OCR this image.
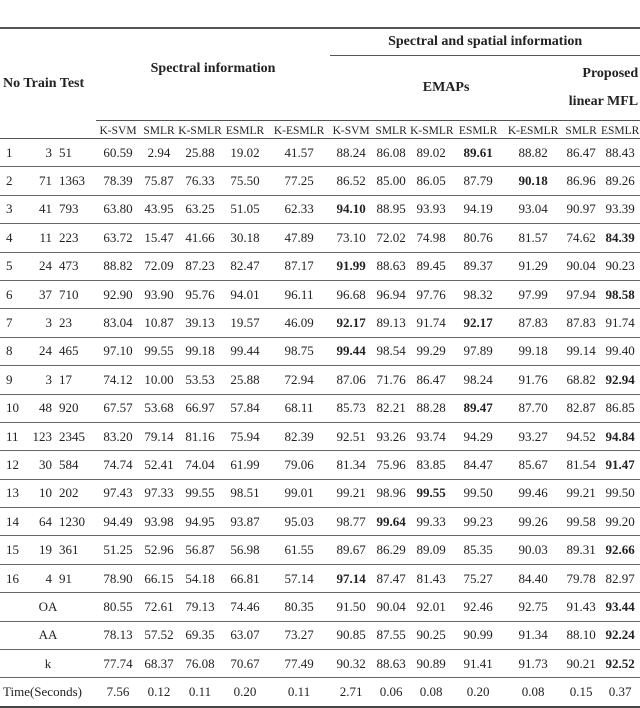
No Train Test			Spectral information					Spectral and spatial information						
								EMAPs					Proposed linear MFL	
			K-SVM	SMLR	K-SMLR	ESMLR	K-ESMLR	K-SVM	SMLR	K-SMLR	ESMLR	K-ESMLR	SMLR	ESMLR
1	3	51	60.59	2.94	25.88	19.02	41.57	88.24	86.08	89.02	89.61	88.82	86.47	88.43
2	71	1363	78.39	75.87	76.33	75.50	77.25	86.52	85.00	86.05	87.79	90.18	86.96	89.26
3	41	793	63.80	43.95	63.25	51.05	62.33	94.10	88.95	93.93	94.19	93.04	90.97	93.39
4	11	223	63.72	15.47	41.66	30.18	47.89	73.10	72.02	74.98	80.76	81.57	74.62	84.39
5	24	473	88.82	72.09	87.23	82.47	87.17	91.99	88.63	89.45	89.37	91.29	90.04	90.23
6	37	710	92.90	93.90	95.76	94.01	96.11	96.68	96.94	97.76	98.32	97.99	97.94	98.58
7	3	23	83.04	10.87	39.13	19.57	46.09	92.17	89.13	91.74	92.17	87.83	87.83	91.74
8	24	465	97.10	99.55	99.18	99.44	98.75	99.44	98.54	99.29	97.89	99.18	99.14	99.40
9	3	17	74.12	10.00	53.53	25.88	72.94	87.06	71.76	86.47	98.24	91.76	68.82	92.94
10	48	920	67.57	53.68	66.97	57.84	68.11	85.73	82.21	88.28	89.47	87.70	82.87	86.85
11	123	2345	83.20	79.14	81.16	75.94	82.39	92.51	93.26	93.74	94.29	93.27	94.52	94.84
12	30	584	74.74	52.41	74.04	61.99	79.06	81.34	75.96	83.85	84.47	85.67	81.54	91.47
13	10	202	97.43	97.33	99.55	98.51	99.01	99.21	98.96	99.55	99.50	99.46	99.21	99.50
14	64	1230	94.49	93.98	94.95	93.87	95.03	98.77	99.64	99.33	99.23	99.26	99.58	99.20
15	19	361	51.25	52.96	56.87	56.98	61.55	89.67	86.29	89.09	85.35	90.03	89.31	92.66
16	4	91	78.90	66.15	54.18	66.81	57.14	97.14	87.47	81.43	75.27	84.40	79.78	82.97
OA			80.55	72.61	79.13	74.46	80.35	91.50	90.04	92.01	92.46	92.75	91.43	93.44
AA			78.13	57.52	69.35	63.07	73.27	90.85	87.55	90.25	90.99	91.34	88.10	92.24
k			77.74	68.37	76.08	70.67	77.49	90.32	88.63	90.89	91.41	91.73	90.21	92.52
Time(Seconds)			7.56	0.12	0.11	0.20	0.11	2.71	0.06	0.08	0.20	0.08	0.15	0.37
